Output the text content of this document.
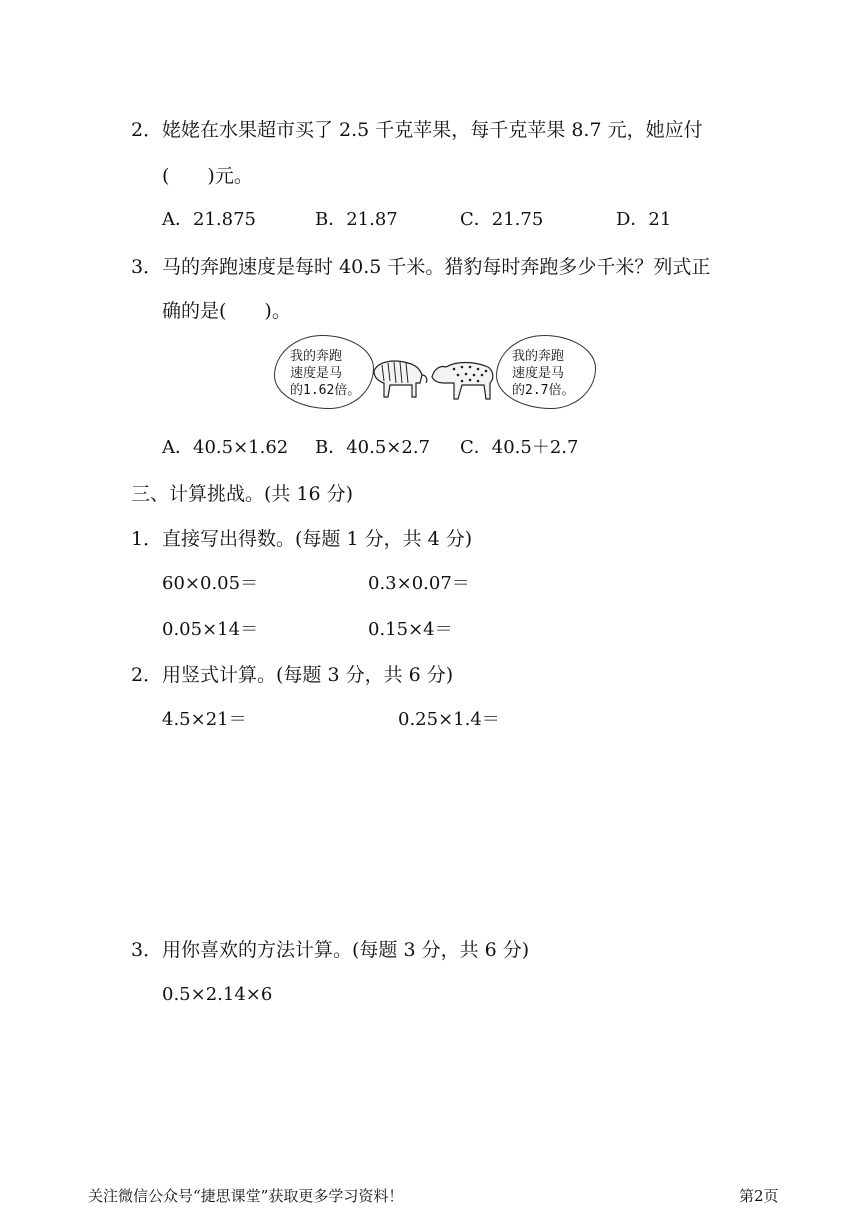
2． 姥姥在水果超市买了 2.5 千克苹果，每千克苹果 8.7 元，她应付
(　　)元。
A．21.875	B．21.87	C．21.75	D．21
3． 马的奔跑速度是每时 40.5 千米。猎豹每时奔跑多少千米？列式正
确的是(　　)。
我的奔跑
速度是马
的1.62倍。
我的奔跑
速度是马
的2.7倍。
A．40.5×1.62 B．40.5×2.7 C．40.5＋2.7
三、计算挑战。(共 16 分)
1． 直接写出得数。(每题 1 分，共 4 分)
60×0.05＝	0.3×0.07＝
0.05×14＝	0.15×4＝
2． 用竖式计算。(每题 3 分，共 6 分)
4.5×21＝	0.25×1.4＝
3． 用你喜欢的方法计算。(每题 3 分，共 6 分)
0.5×2.14×6
关注微信公众号“捷思课堂”获取更多学习资料！	第2页
